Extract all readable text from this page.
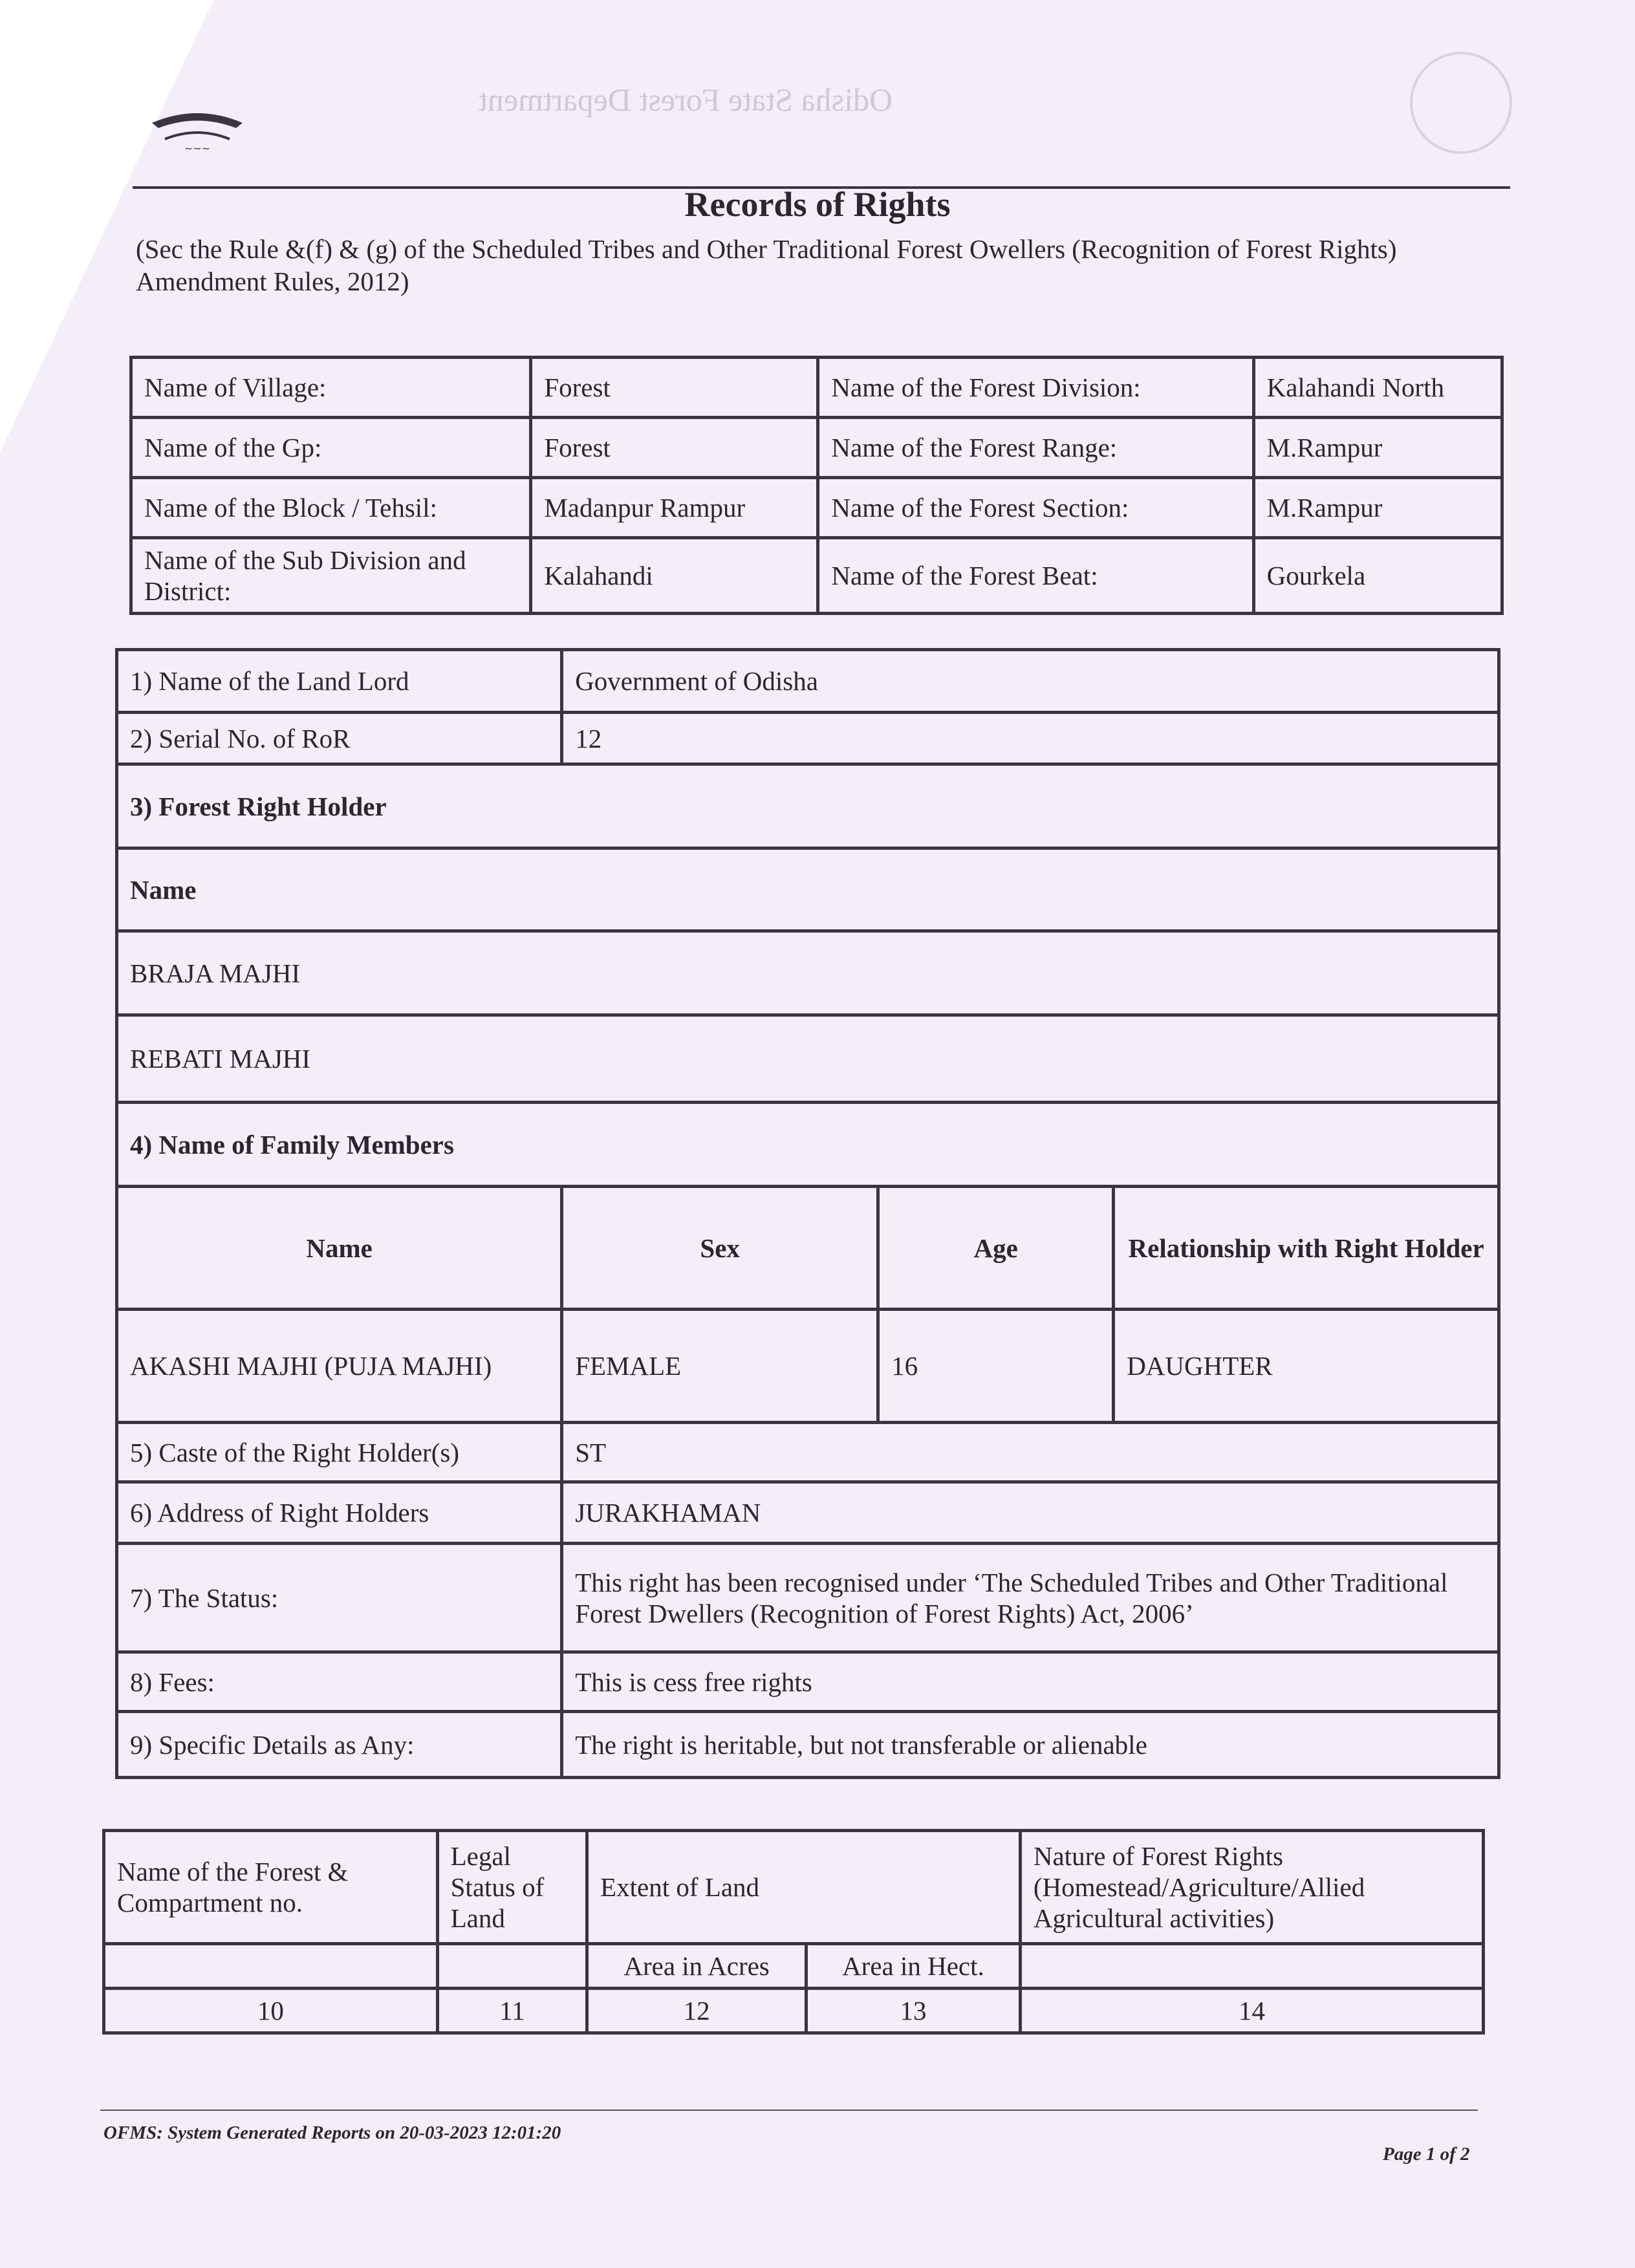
Odisha State Forest Department
~~~
Records of Rights
(Sec the Rule &(f) & (g) of the Scheduled Tribes and Other Traditional Forest Owellers (Recognition of Forest Rights) Amendment Rules, 2012)
Name of Village:	Forest	Name of the Forest Division:	Kalahandi North
Name of the Gp:	Forest	Name of the Forest Range:	M.Rampur
Name of the Block / Tehsil:	Madanpur Rampur	Name of the Forest Section:	M.Rampur
Name of the Sub Division and District:	Kalahandi	Name of the Forest Beat:	Gourkela
1) Name of the Land Lord	Government of Odisha		
2) Serial No. of RoR	12		
3) Forest Right Holder			
Name			
BRAJA MAJHI			
REBATI MAJHI			
4) Name of Family Members			
Name	Sex	Age	Relationship with Right Holder
AKASHI MAJHI (PUJA MAJHI)	FEMALE	16	DAUGHTER
5) Caste of the Right Holder(s)	ST		
6) Address of Right Holders	JURAKHAMAN		
7) The Status:	This right has been recognised under ‘The Scheduled Tribes and Other Traditional
Forest Dwellers (Recognition of Forest Rights) Act, 2006’		

8) Fees:	This is cess free rights		
9) Specific Details as Any:	The right is heritable, but not transferable or alienable		
Name of the Forest & Compartment no.	Legal Status of Land	Extent of Land		Nature of Forest Rights (Homestead/Agriculture/Allied Agricultural activities)
		Area in Acres	Area in Hect.	
10	11	12	13	14
OFMS: System Generated Reports on 20-03-2023 12:01:20
Page 1 of 2
